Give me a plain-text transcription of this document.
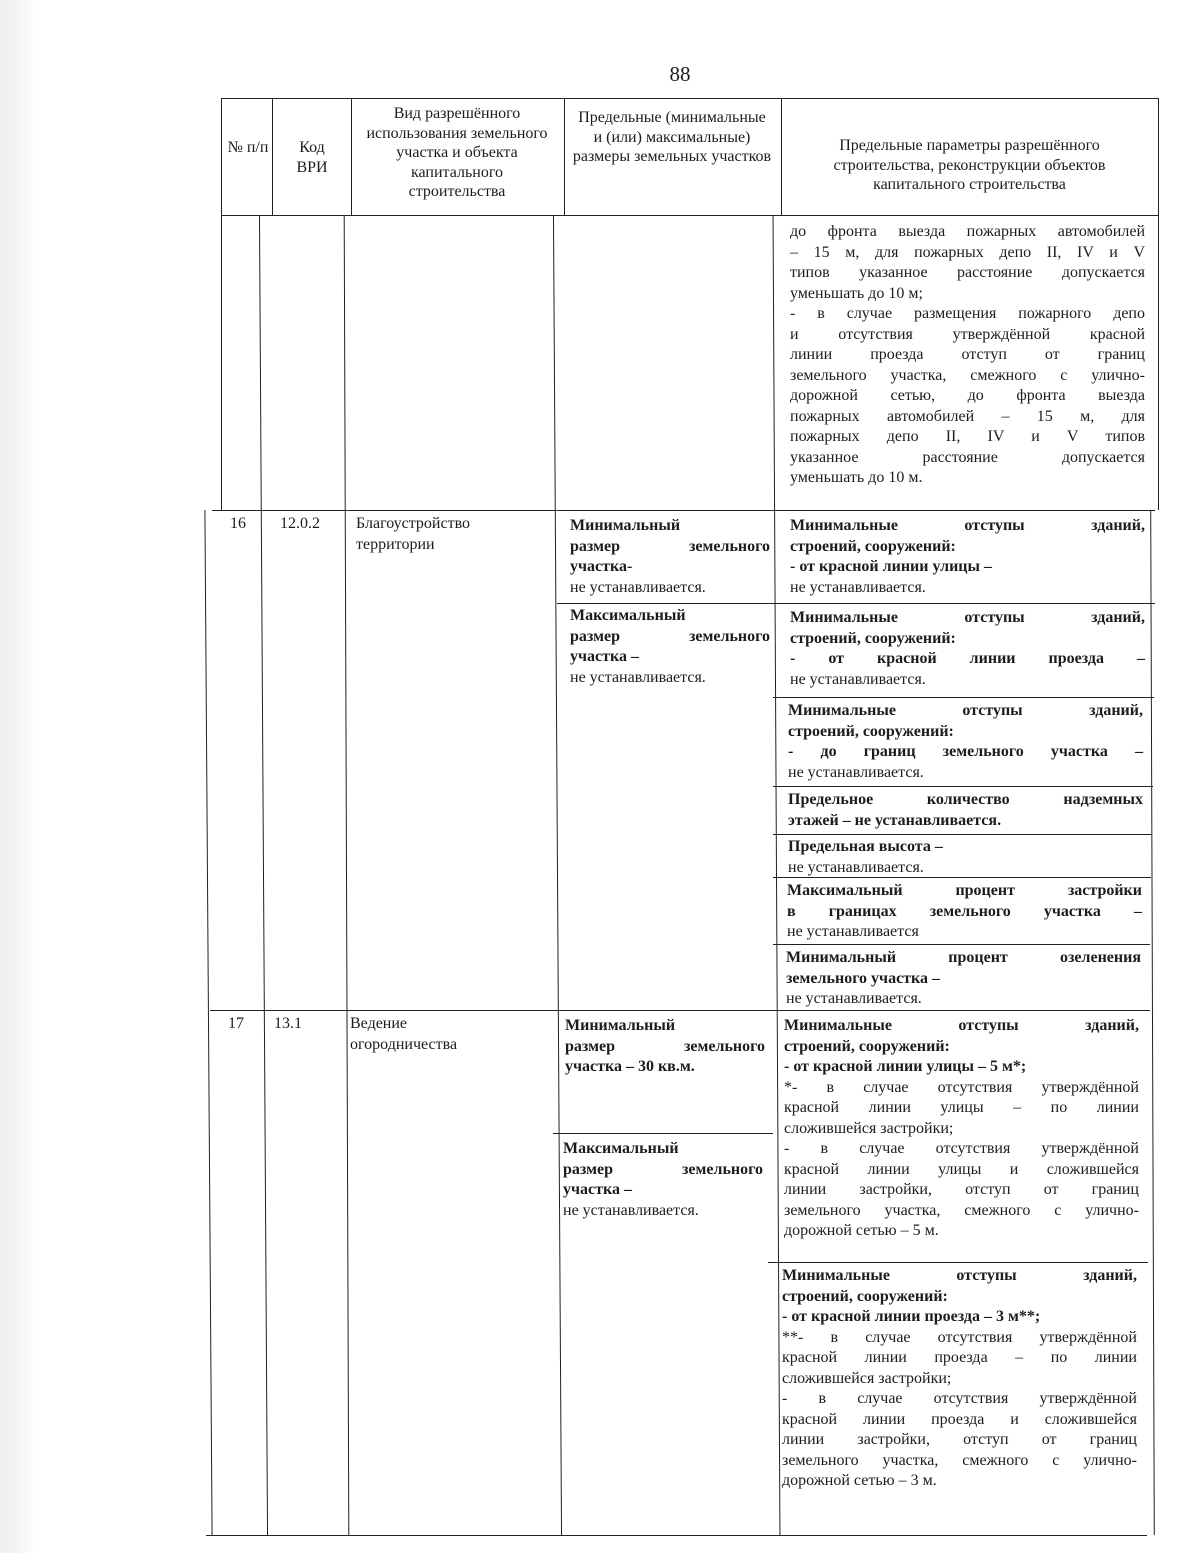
88
№ п/п	Код ВРИ
Вид разрешённого использования земельного участка и объекта капитального строительства
Предельные (минимальные и (или) максимальные) размеры земельных участков
Предельные параметры разрешённого строительства, реконструкции объектов капитального строительства
до фронта выезда пожарных автомобилей
– 15 м, для пожарных депо II, IV и V
типов указанное расстояние допускается
уменьшать до 10 м;
- в случае размещения пожарного депо
и отсутствия утверждённой красной
линии проезда отступ от границ
земельного участка, смежного с улично-
дорожной сетью, до фронта выезда
пожарных автомобилей – 15 м, для
пожарных депо II, IV и V типов
указанное расстояние допускается
уменьшать до 10 м.
16 12.0.2 Благоустройство территории
Минимальный
размер земельного
участка-
не устанавливается.
Максимальный
размер земельного
участка –
не устанавливается.
Минимальные отступы зданий,
строений, сооружений:
- от красной линии улицы –
не устанавливается.
Минимальные отступы зданий,
строений, сооружений:
- от красной линии проезда –
не устанавливается.
Минимальные отступы зданий,
строений, сооружений:
- до границ земельного участка –
не устанавливается.
Предельное количество надземных
этажей – не устанавливается.
Предельная высота –
не устанавливается.
Максимальный процент застройки
в границах земельного участка –
не устанавливается
Минимальный процент озеленения
земельного участка –
не устанавливается.
17 13.1	Ведение огородничества
Минимальный
размер земельного
участка – 30 кв.м.
Максимальный
размер земельного
участка –
не устанавливается.
Минимальные отступы зданий,
строений, сооружений:
- от красной линии улицы – 5 м*;
*- в случае отсутствия утверждённой
красной линии улицы – по линии
сложившейся застройки;
- в случае отсутствия утверждённой
красной линии улицы и сложившейся
линии застройки, отступ от границ
земельного участка, смежного с улично-
дорожной сетью – 5 м.
Минимальные отступы зданий,
строений, сооружений:
- от красной линии проезда – 3 м**;
**- в случае отсутствия утверждённой
красной линии проезда – по линии
сложившейся застройки;
- в случае отсутствия утверждённой
красной линии проезда и сложившейся
линии застройки, отступ от границ
земельного участка, смежного с улично-
дорожной сетью – 3 м.
